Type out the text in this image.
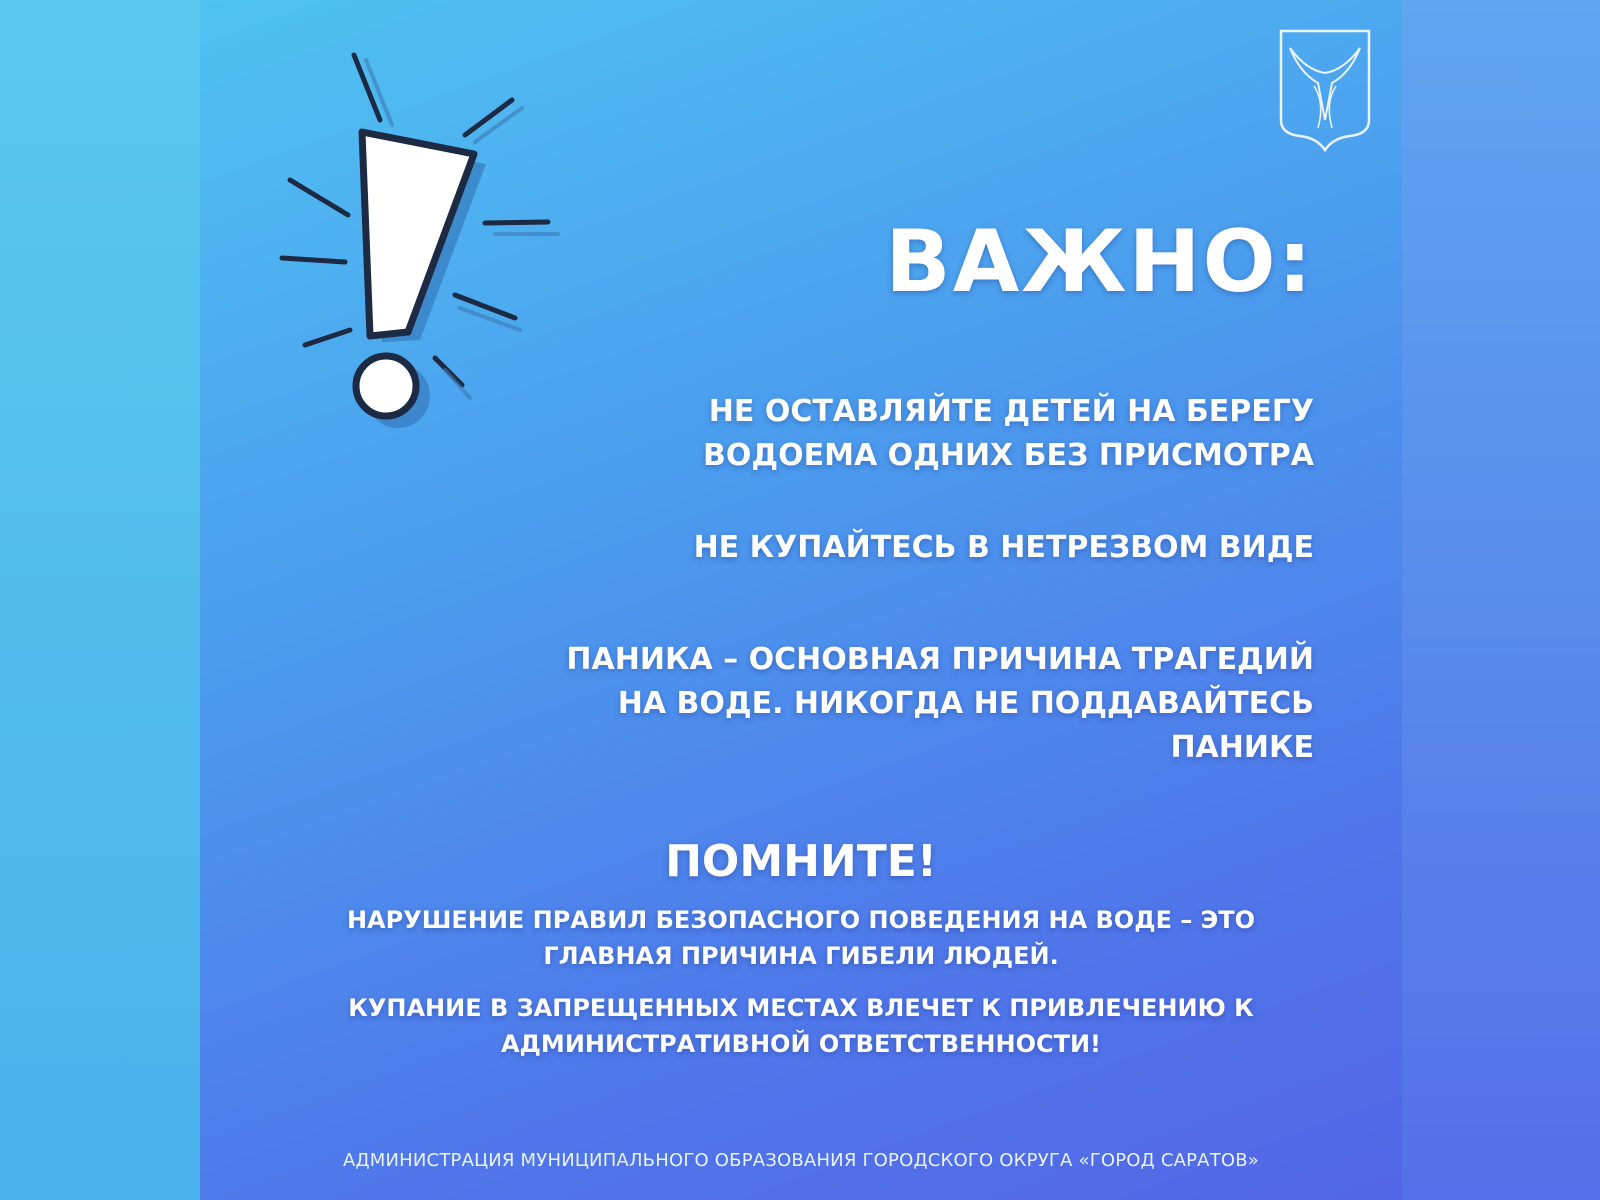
ВАЖНО:
НЕ ОСТАВЛЯЙТЕ ДЕТЕЙ НА БЕРЕГУ
ВОДОЕМА ОДНИХ БЕЗ ПРИСМОТРА
НЕ КУПАЙТЕСЬ В НЕТРЕЗВОМ ВИДЕ
ПАНИКА – ОСНОВНАЯ ПРИЧИНА ТРАГЕДИЙ
НА ВОДЕ. НИКОГДА НЕ ПОДДАВАЙТЕСЬ
ПАНИКЕ
ПОМНИТЕ!
НАРУШЕНИЕ ПРАВИЛ БЕЗОПАСНОГО ПОВЕДЕНИЯ НА ВОДЕ – ЭТО
ГЛАВНАЯ ПРИЧИНА ГИБЕЛИ ЛЮДЕЙ.
КУПАНИЕ В ЗАПРЕЩЕННЫХ МЕСТАХ ВЛЕЧЕТ К ПРИВЛЕЧЕНИЮ К
АДМИНИСТРАТИВНОЙ ОТВЕТСТВЕННОСТИ!
АДМИНИСТРАЦИЯ МУНИЦИПАЛЬНОГО ОБРАЗОВАНИЯ ГОРОДСКОГО ОКРУГА «ГОРОД САРАТОВ»
